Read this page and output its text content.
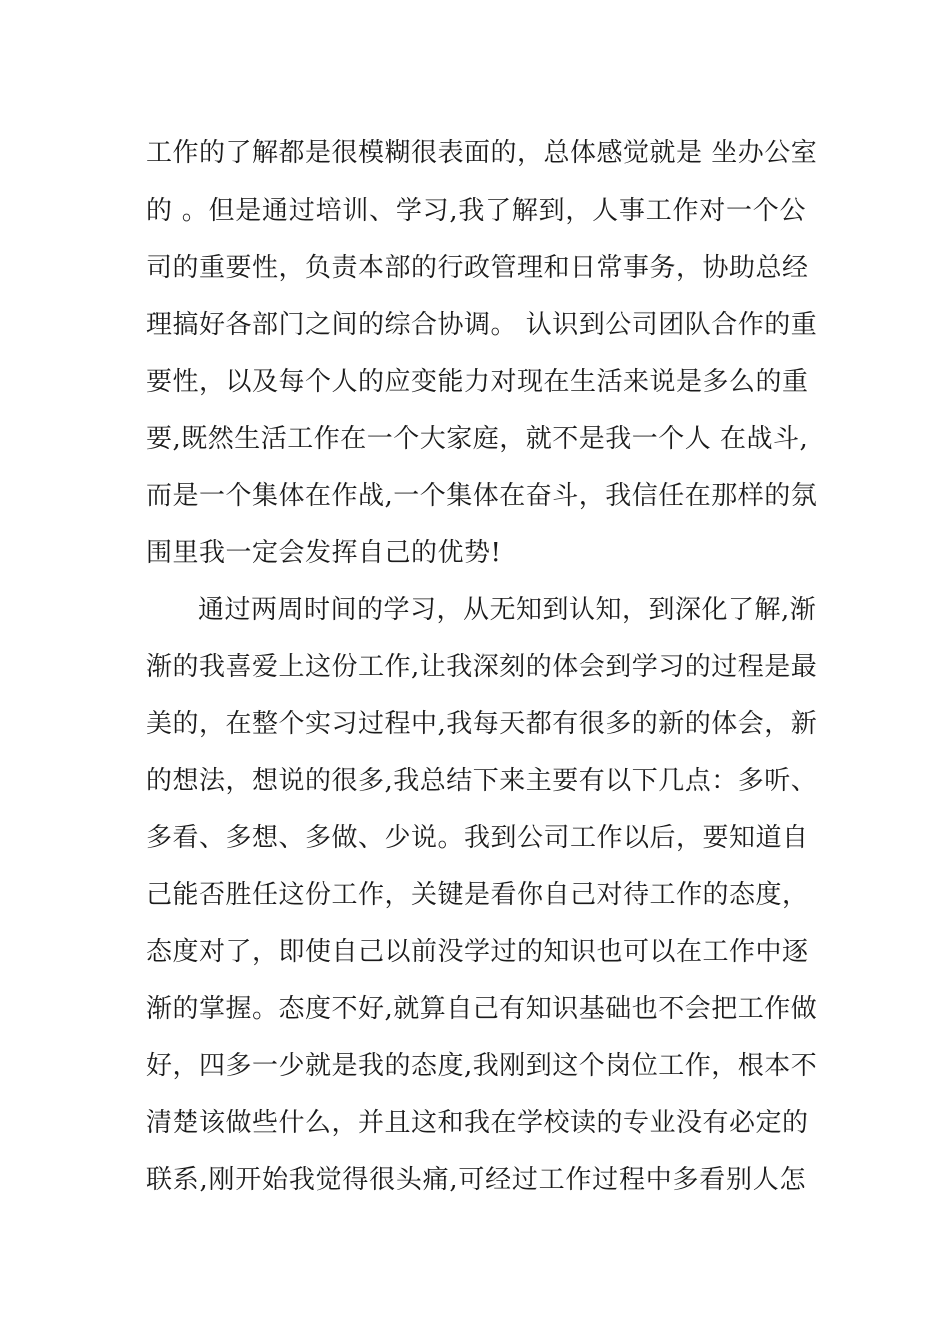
工作的了解都是很模糊很表面的，总体感觉就是 坐办公室
的 。但是通过培训、学习,我了解到，人事工作对一个公
司的重要性，负责本部的行政管理和日常事务，协助总经
理搞好各部门之间的综合协调。 认识到公司团队合作的重
要性，以及每个人的应变能力对现在生活来说是多么的重
要,既然生活工作在一个大家庭，就不是我一个人 在战斗,
而是一个集体在作战,一个集体在奋斗，我信任在那样的氛
围里我一定会发挥自己的优势!
通过两周时间的学习，从无知到认知，到深化了解,渐
渐的我喜爱上这份工作,让我深刻的体会到学习的过程是最
美的，在整个实习过程中,我每天都有很多的新的体会，新
的想法，想说的很多,我总结下来主要有以下几点：多听、
多看、多想、多做、少说。我到公司工作以后，要知道自
己能否胜任这份工作，关键是看你自己对待工作的态度，
态度对了，即使自己以前没学过的知识也可以在工作中逐
渐的掌握。态度不好,就算自己有知识基础也不会把工作做
好，四多一少就是我的态度,我刚到这个岗位工作，根本不
清楚该做些什么，并且这和我在学校读的专业没有必定的
联系,刚开始我觉得很头痛,可经过工作过程中多看别人怎
